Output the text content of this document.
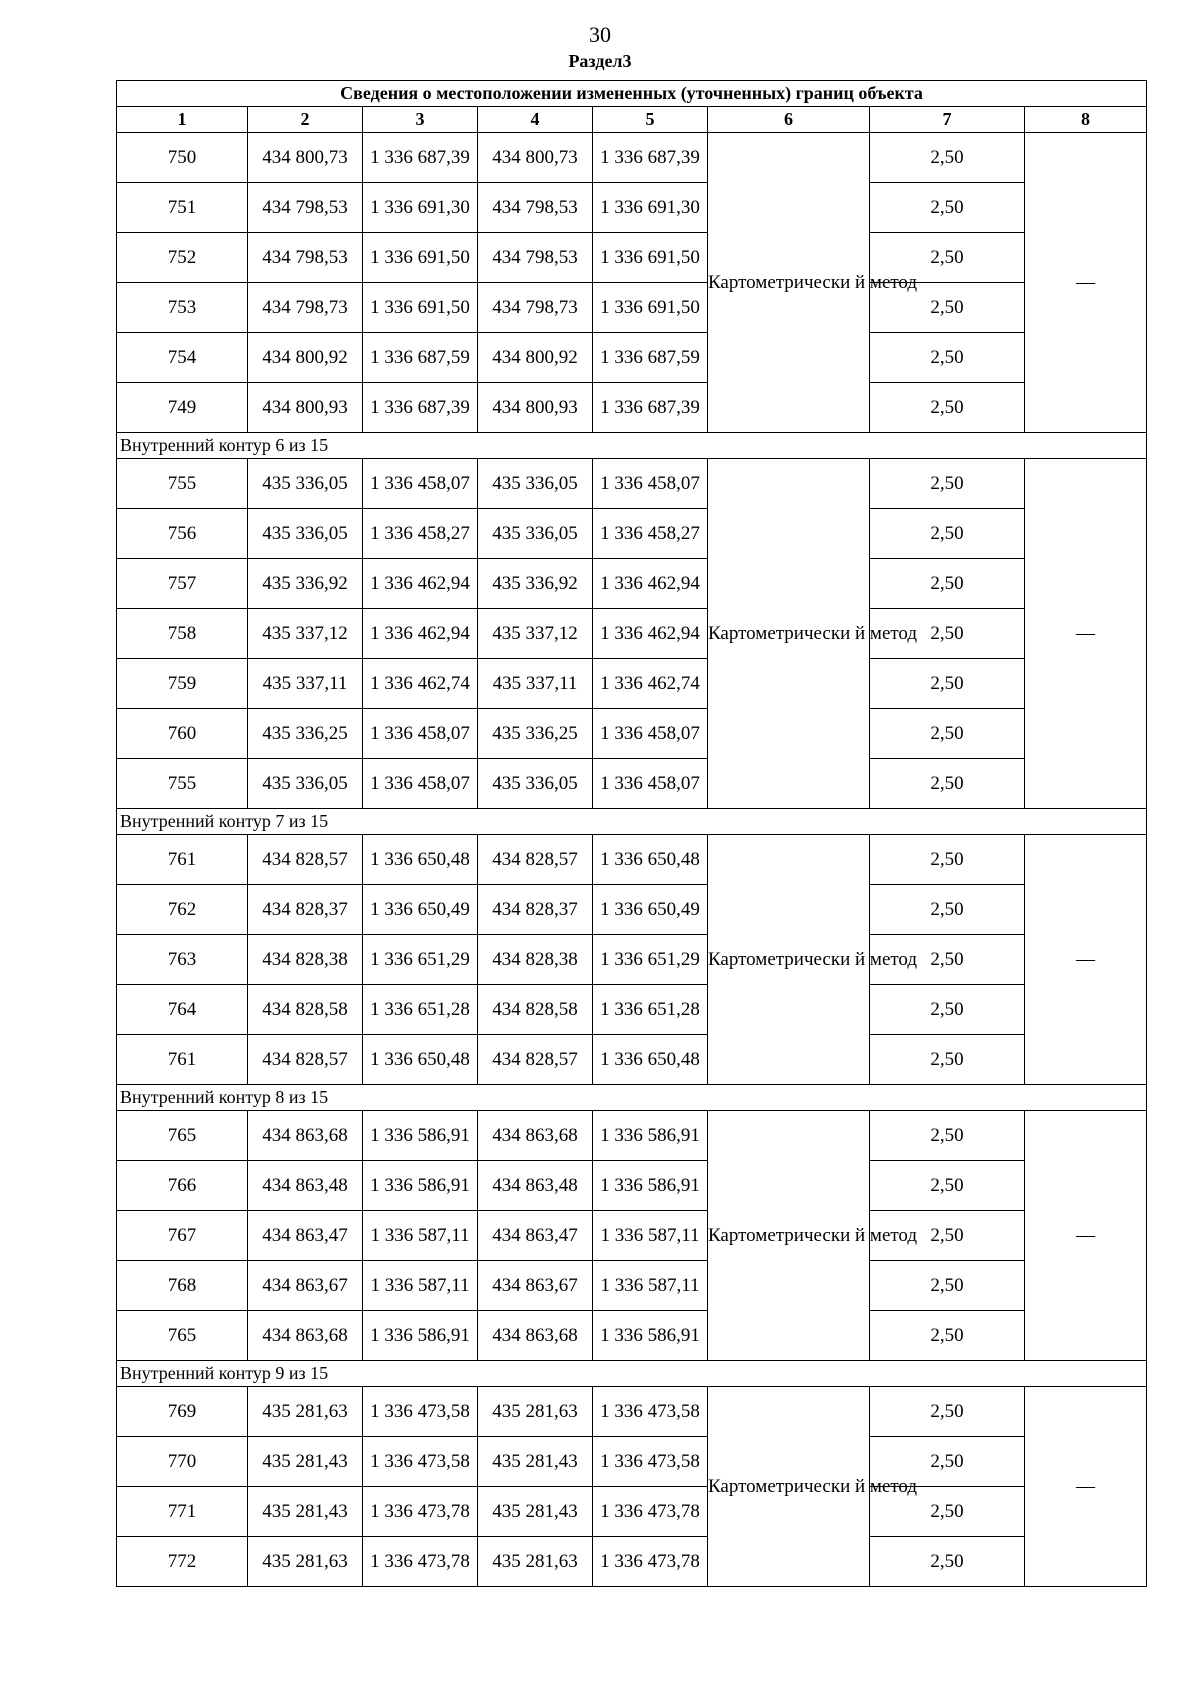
30
Раздел3
Сведения о местоположении измененных (уточненных) границ объекта							
1	2	3	4	5	6	7	8
750	434 800,73	1 336 687,39	434 800,73	1 336 687,39	Картометрически й метод	2,50	—
751	434 798,53	1 336 691,30	434 798,53	1 336 691,30		2,50	
752	434 798,53	1 336 691,50	434 798,53	1 336 691,50		2,50	
753	434 798,73	1 336 691,50	434 798,73	1 336 691,50		2,50	
754	434 800,92	1 336 687,59	434 800,92	1 336 687,59		2,50	
749	434 800,93	1 336 687,39	434 800,93	1 336 687,39		2,50	
Внутренний контур 6 из 15							
755	435 336,05	1 336 458,07	435 336,05	1 336 458,07	Картометрически й метод	2,50	—
756	435 336,05	1 336 458,27	435 336,05	1 336 458,27		2,50	
757	435 336,92	1 336 462,94	435 336,92	1 336 462,94		2,50	
758	435 337,12	1 336 462,94	435 337,12	1 336 462,94		2,50	
759	435 337,11	1 336 462,74	435 337,11	1 336 462,74		2,50	
760	435 336,25	1 336 458,07	435 336,25	1 336 458,07		2,50	
755	435 336,05	1 336 458,07	435 336,05	1 336 458,07		2,50	
Внутренний контур 7 из 15							
761	434 828,57	1 336 650,48	434 828,57	1 336 650,48	Картометрически й метод	2,50	—
762	434 828,37	1 336 650,49	434 828,37	1 336 650,49		2,50	
763	434 828,38	1 336 651,29	434 828,38	1 336 651,29		2,50	
764	434 828,58	1 336 651,28	434 828,58	1 336 651,28		2,50	
761	434 828,57	1 336 650,48	434 828,57	1 336 650,48		2,50	
Внутренний контур 8 из 15							
765	434 863,68	1 336 586,91	434 863,68	1 336 586,91	Картометрически й метод	2,50	—
766	434 863,48	1 336 586,91	434 863,48	1 336 586,91		2,50	
767	434 863,47	1 336 587,11	434 863,47	1 336 587,11		2,50	
768	434 863,67	1 336 587,11	434 863,67	1 336 587,11		2,50	
765	434 863,68	1 336 586,91	434 863,68	1 336 586,91		2,50	
Внутренний контур 9 из 15							
769	435 281,63	1 336 473,58	435 281,63	1 336 473,58	Картометрически й метод	2,50	—
770	435 281,43	1 336 473,58	435 281,43	1 336 473,58		2,50	
771	435 281,43	1 336 473,78	435 281,43	1 336 473,78		2,50	
772	435 281,63	1 336 473,78	435 281,63	1 336 473,78		2,50	
